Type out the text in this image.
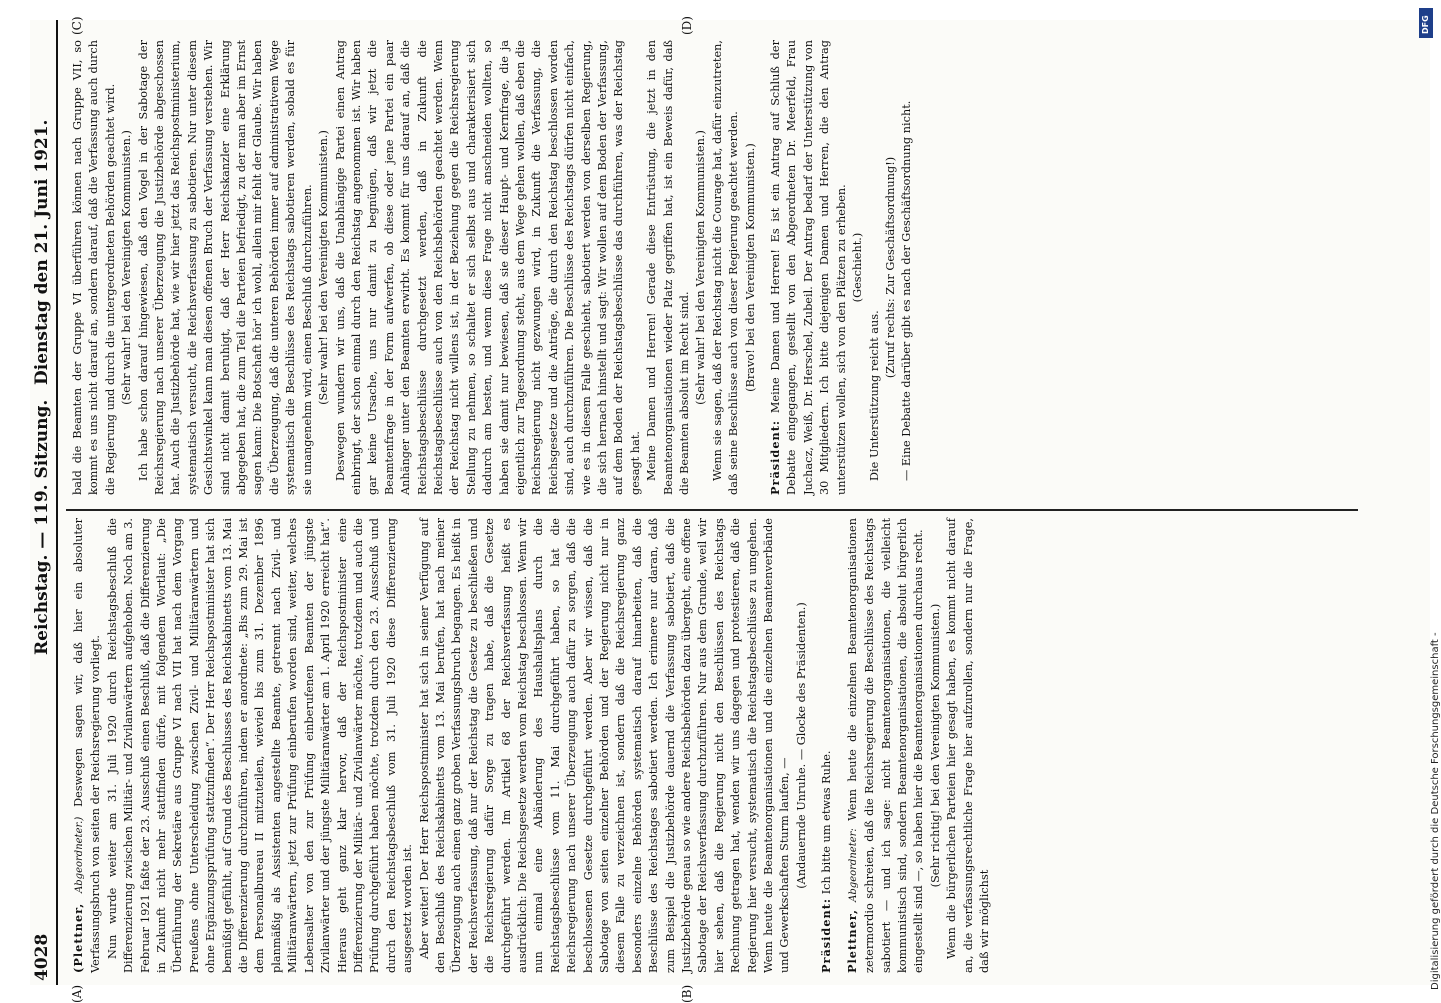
4028
Reichstag. — 119. Sitzung.
Dienstag den 21. Juni 1921.
(A)	(B)
(C)	(D)

(Plettner, Abgeordneter.) Deswegen sagen wir, daß hier ein absoluter Verfassungsbruch von seiten der Reichsregierung vorliegt. Nun wurde weiter am 31. Juli 1920 durch Reichstagsbeschluß die Differenzierung zwischen Militär- und Zivilanwärtern aufgehoben. Noch am 3. Februar 1921 faßte der 23. Ausschuß einen Beschluß, daß die Differenzierung in Zukunft nicht mehr stattfinden dürfe, mit folgendem Wortlaut: „Die Überführung der Sekretäre aus Gruppe VI nach VII hat nach dem Vorgang Preußens ohne Unterscheidung zwischen Zivil- und Militäranwärtern und ohne Ergänzungsprüfung stattzufinden“. Der Herr Reichspostminister hat sich bemüßigt gefühlt, auf Grund des Beschlusses des Reichskabinetts vom 13. Mai die Differenzierung durchzuführen, indem er anordnete: „Bis zum 29. Mai ist dem Personalbureau II mitzuteilen, wieviel bis zum 31. Dezember 1896 planmäßig als Assistenten angestellte Beamte, getrennt nach Zivil- und Militäranwärtern, jetzt zur Prüfung einberufen worden sind, weiter, welches Lebensalter von den zur Prüfung einberufenen Beamten der jüngste Zivilanwärter und der jüngste Militäranwärter am 1. April 1920 erreicht hat“. Hieraus geht ganz klar hervor, daß der Reichspostminister eine Differenzierung der Militär- und Zivilanwärter möchte, trotzdem und auch die Prüfung durchgeführt haben möchte, trotzdem durch den 23. Ausschuß und durch den Reichstagsbeschluß vom 31. Juli 1920 diese Differenzierung ausgesetzt worden ist. Aber weiter! Der Herr Reichspostminister hat sich in seiner Verfügung auf den Beschluß des Reichskabinetts vom 13. Mai berufen, hat nach meiner Überzeugung auch einen ganz groben Verfassungsbruch begangen. Es heißt in der Reichsverfassung, daß nur der Reichstag die Gesetze zu beschließen und die Reichsregierung dafür Sorge zu tragen habe, daß die Gesetze durchgeführt werden. Im Artikel 68 der Reichsverfassung heißt es ausdrücklich: Die Reichsgesetze werden vom Reichstag beschlossen. Wenn wir nun einmal eine Abänderung des Haushaltsplans durch die Reichstagsbeschlüsse vom 11. Mai durchgeführt haben, so hat die Reichsregierung nach unserer Überzeugung auch dafür zu sorgen, daß die beschlossenen Gesetze durchgeführt werden. Aber wir wissen, daß die Sabotage von seiten einzelner Behörden und der Regierung nicht nur in diesem Falle zu verzeichnen ist, sondern daß die Reichsregierung ganz besonders einzelne Behörden systematisch darauf hinarbeiten, daß die Beschlüsse des Reichstages sabotiert werden. Ich erinnere nur daran, daß zum Beispiel die Justizbehörde dauernd die Verfassung sabotiert, daß die Justizbehörde genau so wie andere Reichsbehörden dazu übergeht, eine offene Sabotage der Reichsverfassung durchzuführen. Nur aus dem Grunde, weil wir hier sehen, daß die Regierung nicht den Beschlüssen des Reichstags Rechnung getragen hat, wenden wir uns dagegen und protestieren, daß die Regierung hier versucht, systematisch die Reichstagsbeschlüsse zu umgehen. Wenn heute die Beamtenorganisationen und die einzelnen Beamtenverbände und Gewerkschaften Sturm laufen, — (Andauernde Unruhe. — Glocke des Präsidenten.)

Präsident: Ich bitte um etwas Ruhe.

Plettner, Abgeordneter: Wenn heute die einzelnen Beamtenorganisationen zetermordio schreien, daß die Reichsregierung die Beschlüsse des Reichstags sabotiert — und ich sage: nicht Beamtenorganisationen, die vielleicht kommunistisch sind, sondern Beamtenorganisationen, die absolut bürgerlich eingestellt sind —, so haben hier die Beamtenorganisationen durchaus recht. (Sehr richtig! bei den Vereinigten Kommunisten.) Wenn die bürgerlichen Parteien hier gesagt haben, es kommt nicht darauf an, die verfassungsrechtliche Frage hier aufzurollen, sondern nur die Frage, daß wir möglichst

bald die Beamten der Gruppe VI überführen können nach Gruppe VII, so kommt es uns nicht darauf an, sondern darauf, daß die Verfassung auch durch die Regierung und durch die untergeordneten Behörden geachtet wird. (Sehr wahr! bei den Vereinigten Kommunisten.) Ich habe schon darauf hingewiesen, daß den Vogel in der Sabotage der Reichsregierung nach unserer Überzeugung die Justizbehörde abgeschossen hat. Auch die Justizbehörde hat, wie wir hier jetzt das Reichspostministerium, systematisch versucht, die Reichsverfassung zu sabotieren. Nur unter diesem Gesichtswinkel kann man diesen offenen Bruch der Verfassung verstehen. Wir sind nicht damit beruhigt, daß der Herr Reichskanzler eine Erklärung abgegeben hat, die zum Teil die Parteien befriedigt, zu der man aber im Ernst sagen kann: Die Botschaft hör' ich wohl, allein mir fehlt der Glaube. Wir haben die Überzeugung, daß die unteren Behörden immer auf administrativem Wege systematisch die Beschlüsse des Reichstags sabotieren werden, sobald es für sie unangenehm wird, einen Beschluß durchzuführen. (Sehr wahr! bei den Vereinigten Kommunisten.) Deswegen wundern wir uns, daß die Unabhängige Partei einen Antrag einbringt, der schon einmal durch den Reichstag angenommen ist. Wir haben gar keine Ursache, uns nur damit zu begnügen, daß wir jetzt die Beamtenfrage in der Form aufwerfen, ob diese oder jene Partei ein paar Anhänger unter den Beamten erwirbt. Es kommt für uns darauf an, daß die Reichstagsbeschlüsse durchgesetzt werden, daß in Zukunft die Reichstagsbeschlüsse auch von den Reichsbehörden geachtet werden. Wenn der Reichstag nicht willens ist, in der Beziehung gegen die Reichsregierung Stellung zu nehmen, so schaltet er sich selbst aus und charakterisiert sich dadurch am besten, und wenn diese Frage nicht anschneiden wollten, so haben sie damit nur bewiesen, daß sie dieser Haupt- und Kernfrage, die ja eigentlich zur Tagesordnung steht, aus dem Wege gehen wollen, daß eben die Reichsregierung nicht gezwungen wird, in Zukunft die Verfassung, die Reichsgesetze und die Anträge, die durch den Reichstag beschlossen worden sind, auch durchzuführen. Die Beschlüsse des Reichstags dürfen nicht einfach, wie es in diesem Falle geschieht, sabotiert werden von derselben Regierung, die sich hernach hinstellt und sagt: Wir wollen auf dem Boden der Verfassung, auf dem Boden der Reichstagsbeschlüsse das durchführen, was der Reichstag gesagt hat. Meine Damen und Herren! Gerade diese Entrüstung, die jetzt in den Beamtenorganisationen wieder Platz gegriffen hat, ist ein Beweis dafür, daß die Beamten absolut im Recht sind. (Sehr wahr! bei den Vereinigten Kommunisten.) Wenn sie sagen, daß der Reichstag nicht die Courage hat, dafür einzutreten, daß seine Beschlüsse auch von dieser Regierung geachtet werden. (Bravo! bei den Vereinigten Kommunisten.)

Präsident: Meine Damen und Herren! Es ist ein Antrag auf Schluß der Debatte eingegangen, gestellt von den Abgeordneten Dr. Meerfeld, Frau Juchacz, Weiß, Dr. Herschel, Zubeil. Der Antrag bedarf der Unterstützung von 30 Mitgliedern. Ich bitte diejenigen Damen und Herren, die den Antrag unterstützen wollen, sich von den Plätzen zu erheben. (Geschieht.)

Die Unterstützung reicht aus.

(Zuruf rechts: Zur Geschäftsordnung!) — Eine Debatte darüber gibt es nach der Geschäftsordnung nicht.

DFG
Digitalisierung gefördert durch die Deutsche Forschungsgemeinschaft -
